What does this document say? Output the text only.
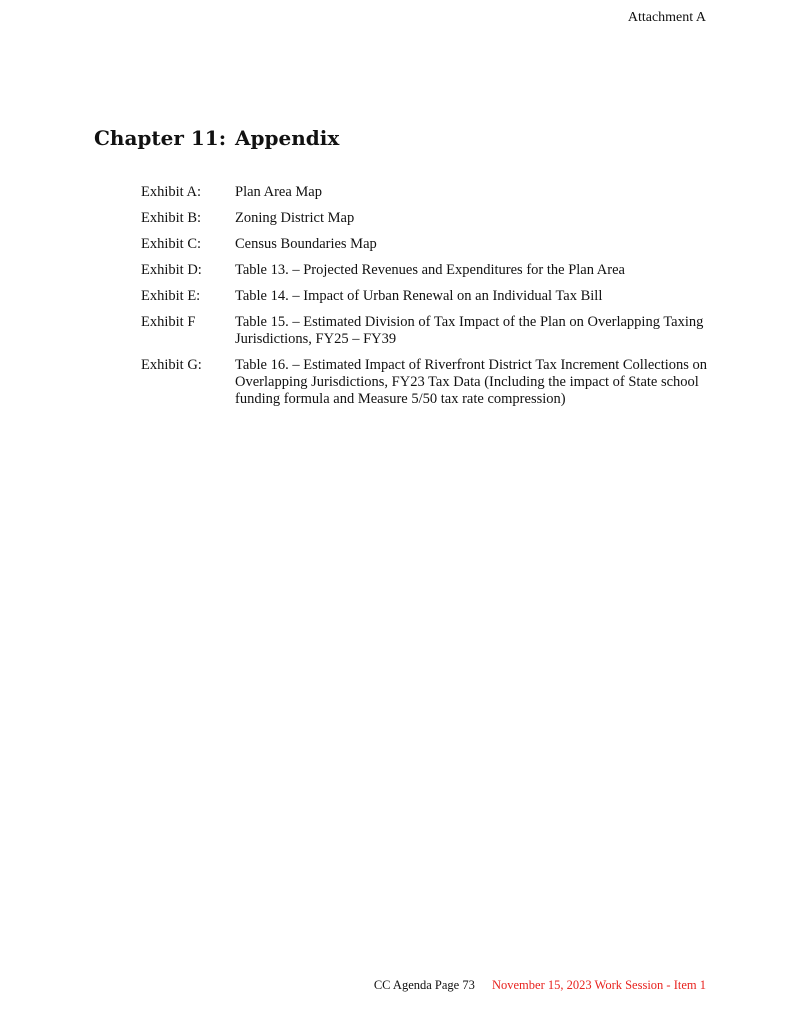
Attachment A
Chapter 11: Appendix
Exhibit A:	Plan Area Map
Exhibit B:	Zoning District Map
Exhibit C:	Census Boundaries Map
Exhibit D:	Table 13. – Projected Revenues and Expenditures for the Plan Area
Exhibit E:	Table 14. – Impact of Urban Renewal on an Individual Tax Bill
Exhibit F	Table 15. – Estimated Division of Tax Impact of the Plan on Overlapping Taxing Jurisdictions, FY25 – FY39
Exhibit G:	Table 16. – Estimated Impact of Riverfront District Tax Increment Collections on Overlapping Jurisdictions, FY23 Tax Data (Including the impact of State school funding formula and Measure 5/50 tax rate compression)
CC Agenda Page 73 November 15, 2023 Work Session - Item 1
